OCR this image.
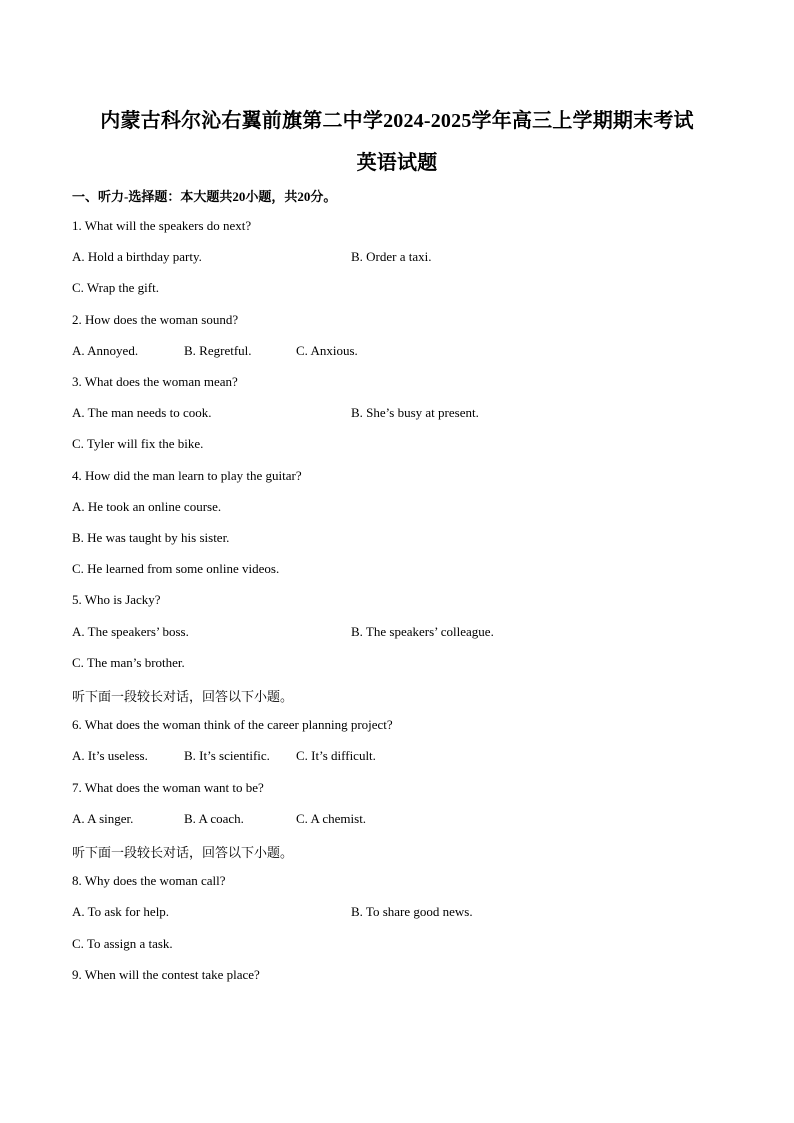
内蒙古科尔沁右翼前旗第二中学2024-2025学年高三上学期期末考试
英语试题
一、听力-选择题：本大题共20小题，共20分。
1. What will the speakers do next?
A. Hold a birthday party.	B. Order a taxi.
C. Wrap the gift.
2. How does the woman sound?
A. Annoyed.	B. Regretful.	C. Anxious.
3. What does the woman mean?
A. The man needs to cook.	B. She’s busy at present.
C. Tyler will fix the bike.
4. How did the man learn to play the guitar?
A. He took an online course.
B. He was taught by his sister.
C. He learned from some online videos.
5. Who is Jacky?
A. The speakers’ boss.	B. The speakers’ colleague.
C. The man’s brother.
听下面一段较长对话，回答以下小题。
6. What does the woman think of the career planning project?
A. It’s useless.	B. It’s scientific. C. It’s difficult.
7. What does the woman want to be?
A. A singer.	B. A coach.	C. A chemist.
听下面一段较长对话，回答以下小题。
8. Why does the woman call?
A. To ask for help.	B. To share good news.
C. To assign a task.
9. When will the contest take place?
